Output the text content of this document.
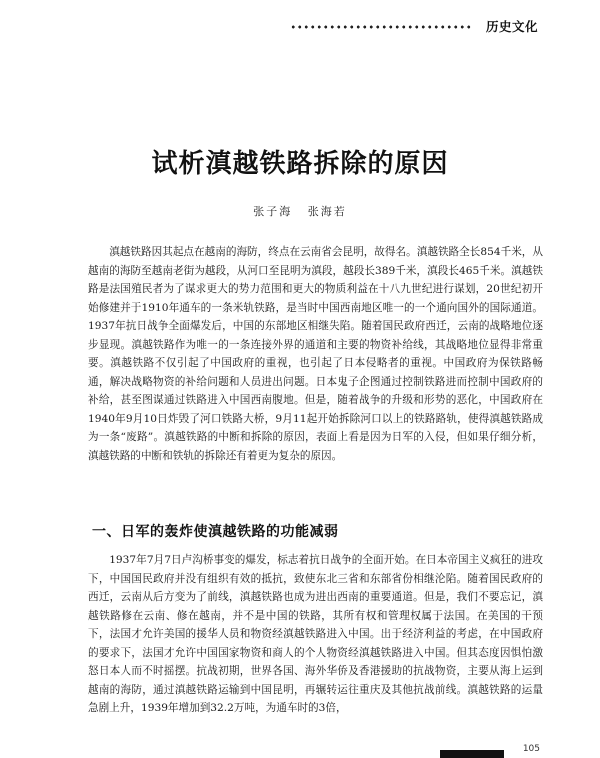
历史文化
试析滇越铁路拆除的原因
张子海 张海若

滇越铁路因其起点在越南的海防，终点在云南省会昆明，故得名。滇越铁路全长854千米，从越南的海防至越南老街为越段，从河口至昆明为滇段，越段长389千米，滇段长465千米。滇越铁路是法国殖民者为了谋求更大的势力范围和更大的物质利益在十八九世纪进行谋划，20世纪初开始修建并于1910年通车的一条米轨铁路，是当时中国西南地区唯一的一个通向国外的国际通道。1937年抗日战争全面爆发后，中国的东部地区相继失陷。随着国民政府西迁，云南的战略地位逐步显现。滇越铁路作为唯一的一条连接外界的通道和主要的物资补给线，其战略地位显得非常重要。滇越铁路不仅引起了中国政府的重视，也引起了日本侵略者的重视。中国政府为保铁路畅通，解决战略物资的补给问题和人员进出问题。日本鬼子企图通过控制铁路进而控制中国政府的补给，甚至图谋通过铁路进入中国西南腹地。但是，随着战争的升级和形势的恶化，中国政府在1940年9月10日炸毁了河口铁路大桥，9月11起开始拆除河口以上的铁路路轨，使得滇越铁路成为一条“废路”。滇越铁路的中断和拆除的原因，表面上看是因为日军的入侵，但如果仔细分析，滇越铁路的中断和铁轨的拆除还有着更为复杂的原因。

一、日军的轰炸使滇越铁路的功能减弱

1937年7月7日卢沟桥事变的爆发，标志着抗日战争的全面开始。在日本帝国主义疯狂的进攻下，中国国民政府并没有组织有效的抵抗，致使东北三省和东部省份相继沦陷。随着国民政府的西迁，云南从后方变为了前线，滇越铁路也成为进出西南的重要通道。但是，我们不要忘记，滇越铁路修在云南、修在越南，并不是中国的铁路，其所有权和管理权属于法国。在美国的干预下，法国才允许美国的援华人员和物资经滇越铁路进入中国。出于经济利益的考虑，在中国政府的要求下，法国才允许中国国家物资和商人的个人物资经滇越铁路进入中国。但其态度因惧怕激怒日本人而不时摇摆。抗战初期，世界各国、海外华侨及香港援助的抗战物资，主要从海上运到越南的海防，通过滇越铁路运输到中国昆明，再辗转运往重庆及其他抗战前线。滇越铁路的运量急剧上升，1939年增加到32.2万吨，为通车时的3倍，

105
